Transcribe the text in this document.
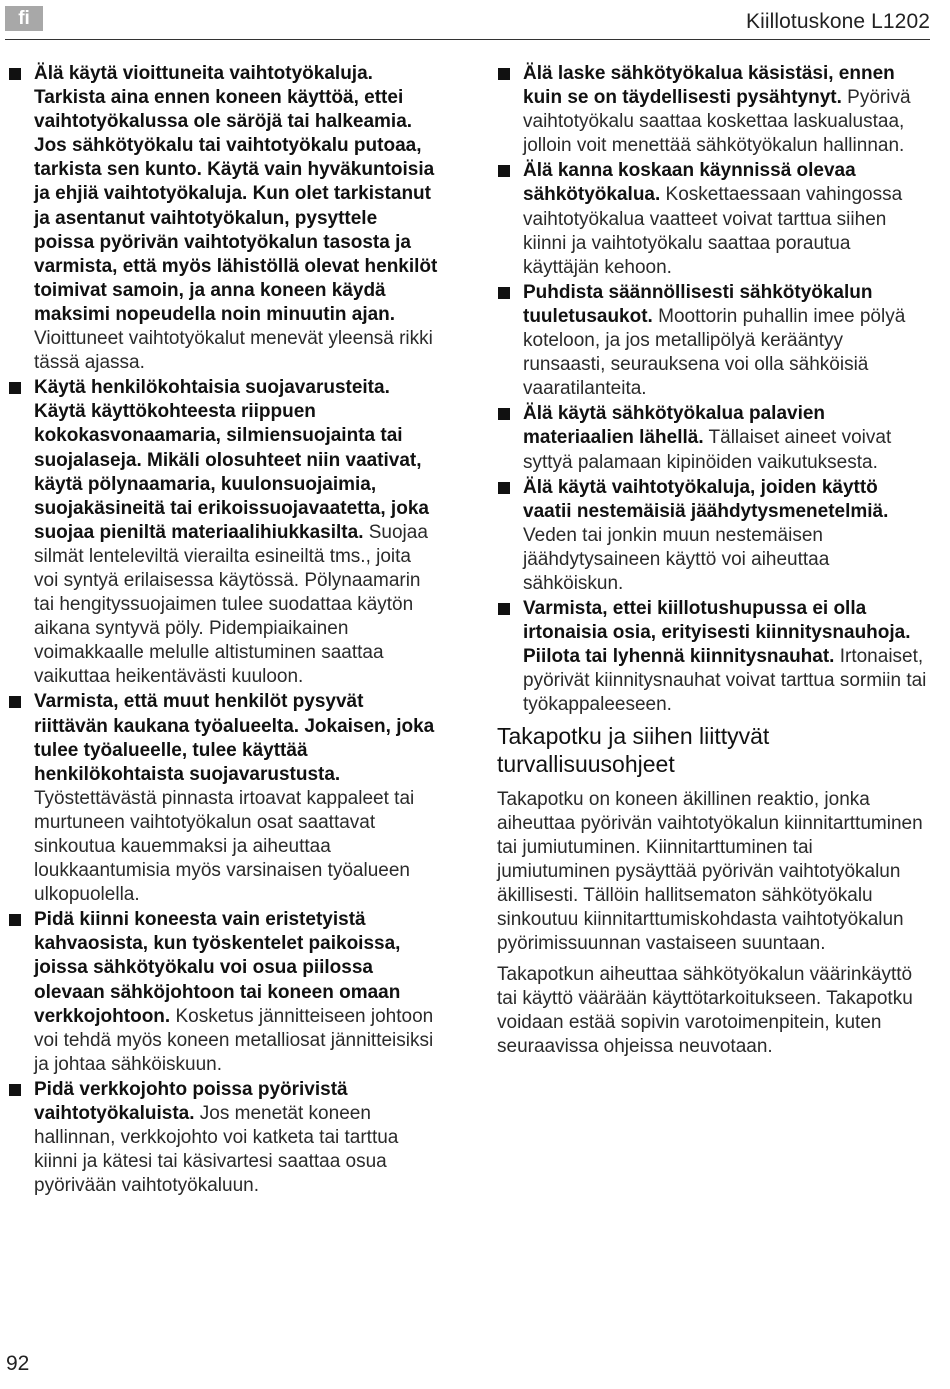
fi	Kiillotuskone L1202
Älä käytä vioittuneita vaihtotyökaluja. Tarkista aina ennen koneen käyttöä, ettei vaihtotyökalussa ole säröjä tai halkeamia. Jos sähkötyökalu tai vaihtotyökalu putoaa, tarkista sen kunto. Käytä vain hyväkuntoisia ja ehjiä vaihtotyökaluja. Kun olet tarkistanut ja asentanut vaihtotyökalun, pysyttele poissa pyörivän vaihtotyökalun tasosta ja varmista, että myös lähistöllä olevat henkilöt toimivat samoin, ja anna koneen käydä maksimi nopeudella noin minuutin ajan. Vioittuneet vaihtotyökalut menevät yleensä rikki tässä ajassa.
Käytä henkilökohtaisia suojavarusteita. Käytä käyttökohteesta riippuen kokokasvonaamaria, silmiensuojainta tai suojalaseja. Mikäli olosuhteet niin vaativat, käytä pölynaamaria, kuulonsuojaimia, suojakäsineitä tai erikoissuojavaatetta, joka suojaa pieniltä materiaalihiukkasilta. Suojaa silmät lenteleviltä vierailta esineiltä tms., joita voi syntyä erilaisessa käytössä. Pölynaamarin tai hengityssuojaimen tulee suodattaa käytön aikana syntyvä pöly. Pidempiaikainen voimakkaalle melulle altistuminen saattaa vaikuttaa heikentävästi kuuloon.
Varmista, että muut henkilöt pysyvät riittävän kaukana työalueelta. Jokaisen, joka tulee työalueelle, tulee käyttää henkilökohtaista suojavarustusta. Työstettävästä pinnasta irtoavat kappaleet tai murtuneen vaihtotyökalun osat saattavat sinkoutua kauemmaksi ja aiheuttaa loukkaantumisia myös varsinaisen työalueen ulkopuolella.
Pidä kiinni koneesta vain eristetyistä kahvaosista, kun työskentelet paikoissa, joissa sähkötyökalu voi osua piilossa olevaan sähköjohtoon tai koneen omaan verkkojohtoon. Kosketus jännitteiseen johtoon voi tehdä myös koneen metalliosat jännitteisiksi ja johtaa sähköiskuun.
Pidä verkkojohto poissa pyörivistä vaihtotyökaluista. Jos menetät koneen hallinnan, verkkojohto voi katketa tai tarttua kiinni ja kätesi tai käsivartesi saattaa osua pyörivään vaihtotyökaluun.
Älä laske sähkötyökalua käsistäsi, ennen kuin se on täydellisesti pysähtynyt. Pyörivä vaihtotyökalu saattaa koskettaa laskualustaa, jolloin voit menettää sähkötyökalun hallinnan.
Älä kanna koskaan käynnissä olevaa sähkötyökalua. Koskettaessaan vahingossa vaihtotyökalua vaatteet voivat tarttua siihen kiinni ja vaihtotyökalu saattaa porautua käyttäjän kehoon.
Puhdista säännöllisesti sähkötyökalun tuuletusaukot. Moottorin puhallin imee pölyä koteloon, ja jos metallipölyä kerääntyy runsaasti, seurauksena voi olla sähköisiä vaaratilanteita.
Älä käytä sähkötyökalua palavien materiaalien lähellä. Tällaiset aineet voivat syttyä palamaan kipinöiden vaikutuksesta.
Älä käytä vaihtotyökaluja, joiden käyttö vaatii nestemäisiä jäähdytysmenetelmiä. Veden tai jonkin muun nestemäisen jäähdytysaineen käyttö voi aiheuttaa sähköiskun.
Varmista, ettei kiillotushupussa ei olla irtonaisia osia, erityisesti kiinnitysnauhoja. Piilota tai lyhennä kiinnitysnauhat. Irtonaiset, pyörivät kiinnitysnauhat voivat tarttua sormiin tai työkappaleeseen.
Takapotku ja siihen liittyvät turvallisuusohjeet

Takapotku on koneen äkillinen reaktio, jonka aiheuttaa pyörivän vaihtotyökalun kiinnitarttuminen tai jumiutuminen. Kiinnitarttuminen tai jumiutuminen pysäyttää pyörivän vaihtotyökalun äkillisesti. Tällöin hallitsematon sähkötyökalu sinkoutuu kiinnitarttumiskohdasta vaihtotyökalun pyörimissuunnan vastaiseen suuntaan.

Takapotkun aiheuttaa sähkötyökalun väärinkäyttö tai käyttö väärään käyttötarkoitukseen. Takapotku voidaan estää sopivin varotoimenpitein, kuten seuraavissa ohjeissa neuvotaan.

92
